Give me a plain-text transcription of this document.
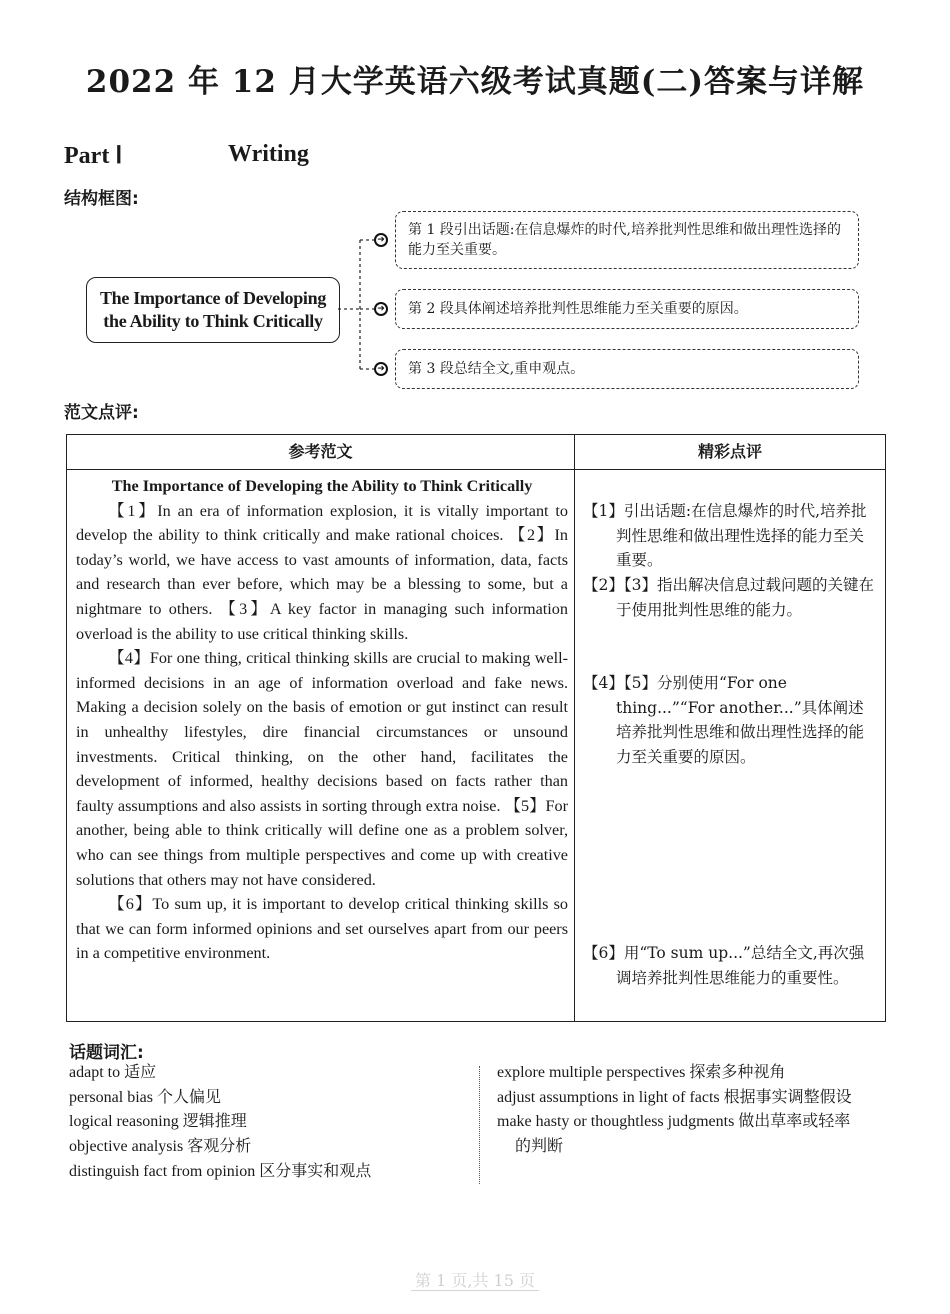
2022 年 12 月大学英语六级考试真题(二)答案与详解
Part Ⅰ	Writing
结构框图:
➜
➜
➜
The Importance of Developing
the Ability to Think Critically
第 1 段引出话题:在信息爆炸的时代,培养批判性思维和做出理性选择的能力至关重要。
第 2 段具体阐述培养批判性思维能力至关重要的原因。
第 3 段总结全文,重申观点。
范文点评:
参考范文	精彩点评

The Importance of Developing the Ability to Think Critically

【1】In an era of information explosion, it is vitally important to develop the ability to think critically and make rational choices. 【2】In today’s world, we have access to vast amounts of information, data, facts and research than ever before, which may be a blessing to some, but a nightmare to others. 【3】A key factor in managing such information overload is the ability to use critical thinking skills.

【4】For one thing, critical thinking skills are crucial to making well-informed decisions in an age of information overload and fake news. Making a decision solely on the basis of emotion or gut instinct can result in unhealthy lifestyles, dire financial circumstances or unsound investments. Critical thinking, on the other hand, facilitates the development of informed, healthy decisions based on facts rather than faulty assumptions and also assists in sorting through extra noise. 【5】For another, being able to think critically will define one as a problem solver, who can see things from multiple perspectives and come up with creative solutions that others may not have considered.

【6】To sum up, it is important to develop critical thinking skills so that we can form informed opinions and set ourselves apart from our peers in a competitive environment.

【1】引出话题:在信息爆炸的时代,培养批判性思维和做出理性选择的能力至关重要。
【2】【3】指出解决信息过载问题的关键在于使用批判性思维的能力。
【4】【5】分别使用“For one thing...”“For another...”具体阐述培养批判性思维和做出理性选择的能力至关重要的原因。
【6】用“To sum up...”总结全文,再次强调培养批判性思维能力的重要性。
话题词汇:
adapt to 适应
personal bias 个人偏见
logical reasoning 逻辑推理
objective analysis 客观分析
distinguish fact from opinion 区分事实和观点
explore multiple perspectives 探索多种视角
adjust assumptions in light of facts 根据事实调整假设
make hasty or thoughtless judgments 做出草率或轻率
的判断
第 1 页,共 15 页
